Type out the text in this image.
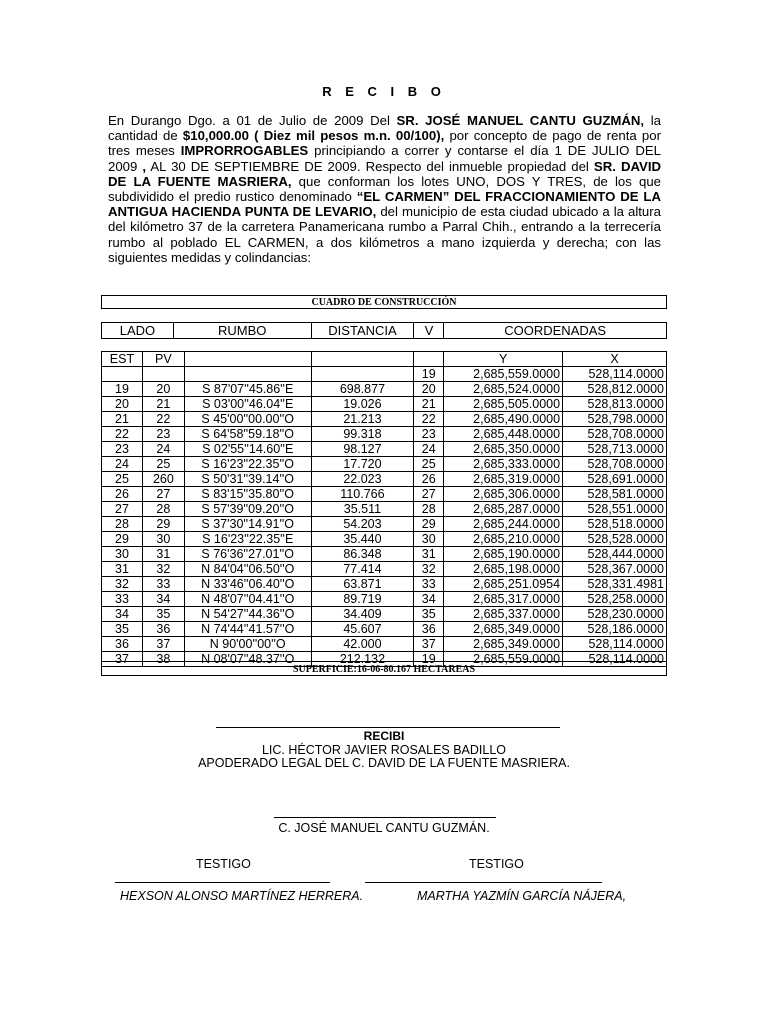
R E C I B O

En Durango Dgo. a 01 de Julio de 2009 Del SR. JOSÉ MANUEL CANTU GUZMÁN, la cantidad de $10,000.00 ( Diez mil pesos m.n. 00/100), por concepto de pago de renta por tres meses IMPRORROGABLES principiando a correr y contarse el día 1 DE JULIO DEL 2009 , AL 30 DE SEPTIEMBRE DE 2009. Respecto del inmueble propiedad del SR. DAVID DE LA FUENTE MASRIERA, que conforman los lotes UNO, DOS Y TRES, de los que subdividido el predio rustico denominado “EL CARMEN” DEL FRACCIONAMIENTO DE LA ANTIGUA HACIENDA PUNTA DE LEVARIO, del municipio de esta ciudad ubicado a la altura del kilómetro 37 de la carretera Panamericana rumbo a Parral Chih., entrando a la terrecería rumbo al poblado EL CARMEN, a dos kilómetros a mano izquierda y derecha; con las siguientes medidas y colindancias:

CUADRO DE CONSTRUCCIÓN
LADO	RUMBO	DISTANCIA	V	COORDENADAS
EST	PV				Y	X
				19	2,685,559.0000	528,114.0000
19	20	S 87'07''45.86''E	698.877	20	2,685,524.0000	528,812.0000
20	21	S 03'00''46.04''E	19.026	21	2,685,505.0000	528,813.0000
21	22	S 45'00''00.00''O	21.213	22	2,685,490.0000	528,798.0000
22	23	S 64'58''59.18''O	99.318	23	2,685,448.0000	528,708.0000
23	24	S 02'55''14.60''E	98.127	24	2,685,350.0000	528,713.0000
24	25	S 16'23''22.35''O	17.720	25	2,685,333.0000	528,708.0000
25	260	S 50'31''39.14''O	22.023	26	2,685,319.0000	528,691.0000
26	27	S 83'15''35.80''O	110.766	27	2,685,306.0000	528,581.0000
27	28	S 57'39''09.20''O	35.511	28	2,685,287.0000	528,551.0000
28	29	S 37'30''14.91''O	54.203	29	2,685,244.0000	528,518.0000
29	30	S 16'23''22.35''E	35.440	30	2,685,210.0000	528,528.0000
30	31	S 76'36''27.01''O	86.348	31	2,685,190.0000	528,444.0000
31	32	N 84'04''06.50''O	77.414	32	2,685,198.0000	528,367.0000
32	33	N 33'46''06.40''O	63.871	33	2,685,251.0954	528,331.4981
33	34	N 48'07''04.41''O	89.719	34	2,685,317.0000	528,258.0000
34	35	N 54'27''44.36''O	34.409	35	2,685,337.0000	528,230.0000
35	36	N 74'44''41.57''O	45.607	36	2,685,349.0000	528,186.0000
36	37	N 90'00''00''O	42.000	37	2,685,349.0000	528,114.0000
37	38	N 08'07''48.37''O	212.132	19	2,685,559.0000	528,114.0000
SUPERFICIE:16-06-80.167 HECTAREAS
RECIBI
LIC. HÉCTOR JAVIER ROSALES BADILLO
APODERADO LEGAL DEL C. DAVID DE LA FUENTE MASRIERA.
C. JOSÉ MANUEL CANTU GUZMÁN.
TESTIGO	TESTIGO
HEXSON ALONSO MARTÍNEZ HERRERA.	MARTHA YAZMÍN GARCÍA NÁJERA,
